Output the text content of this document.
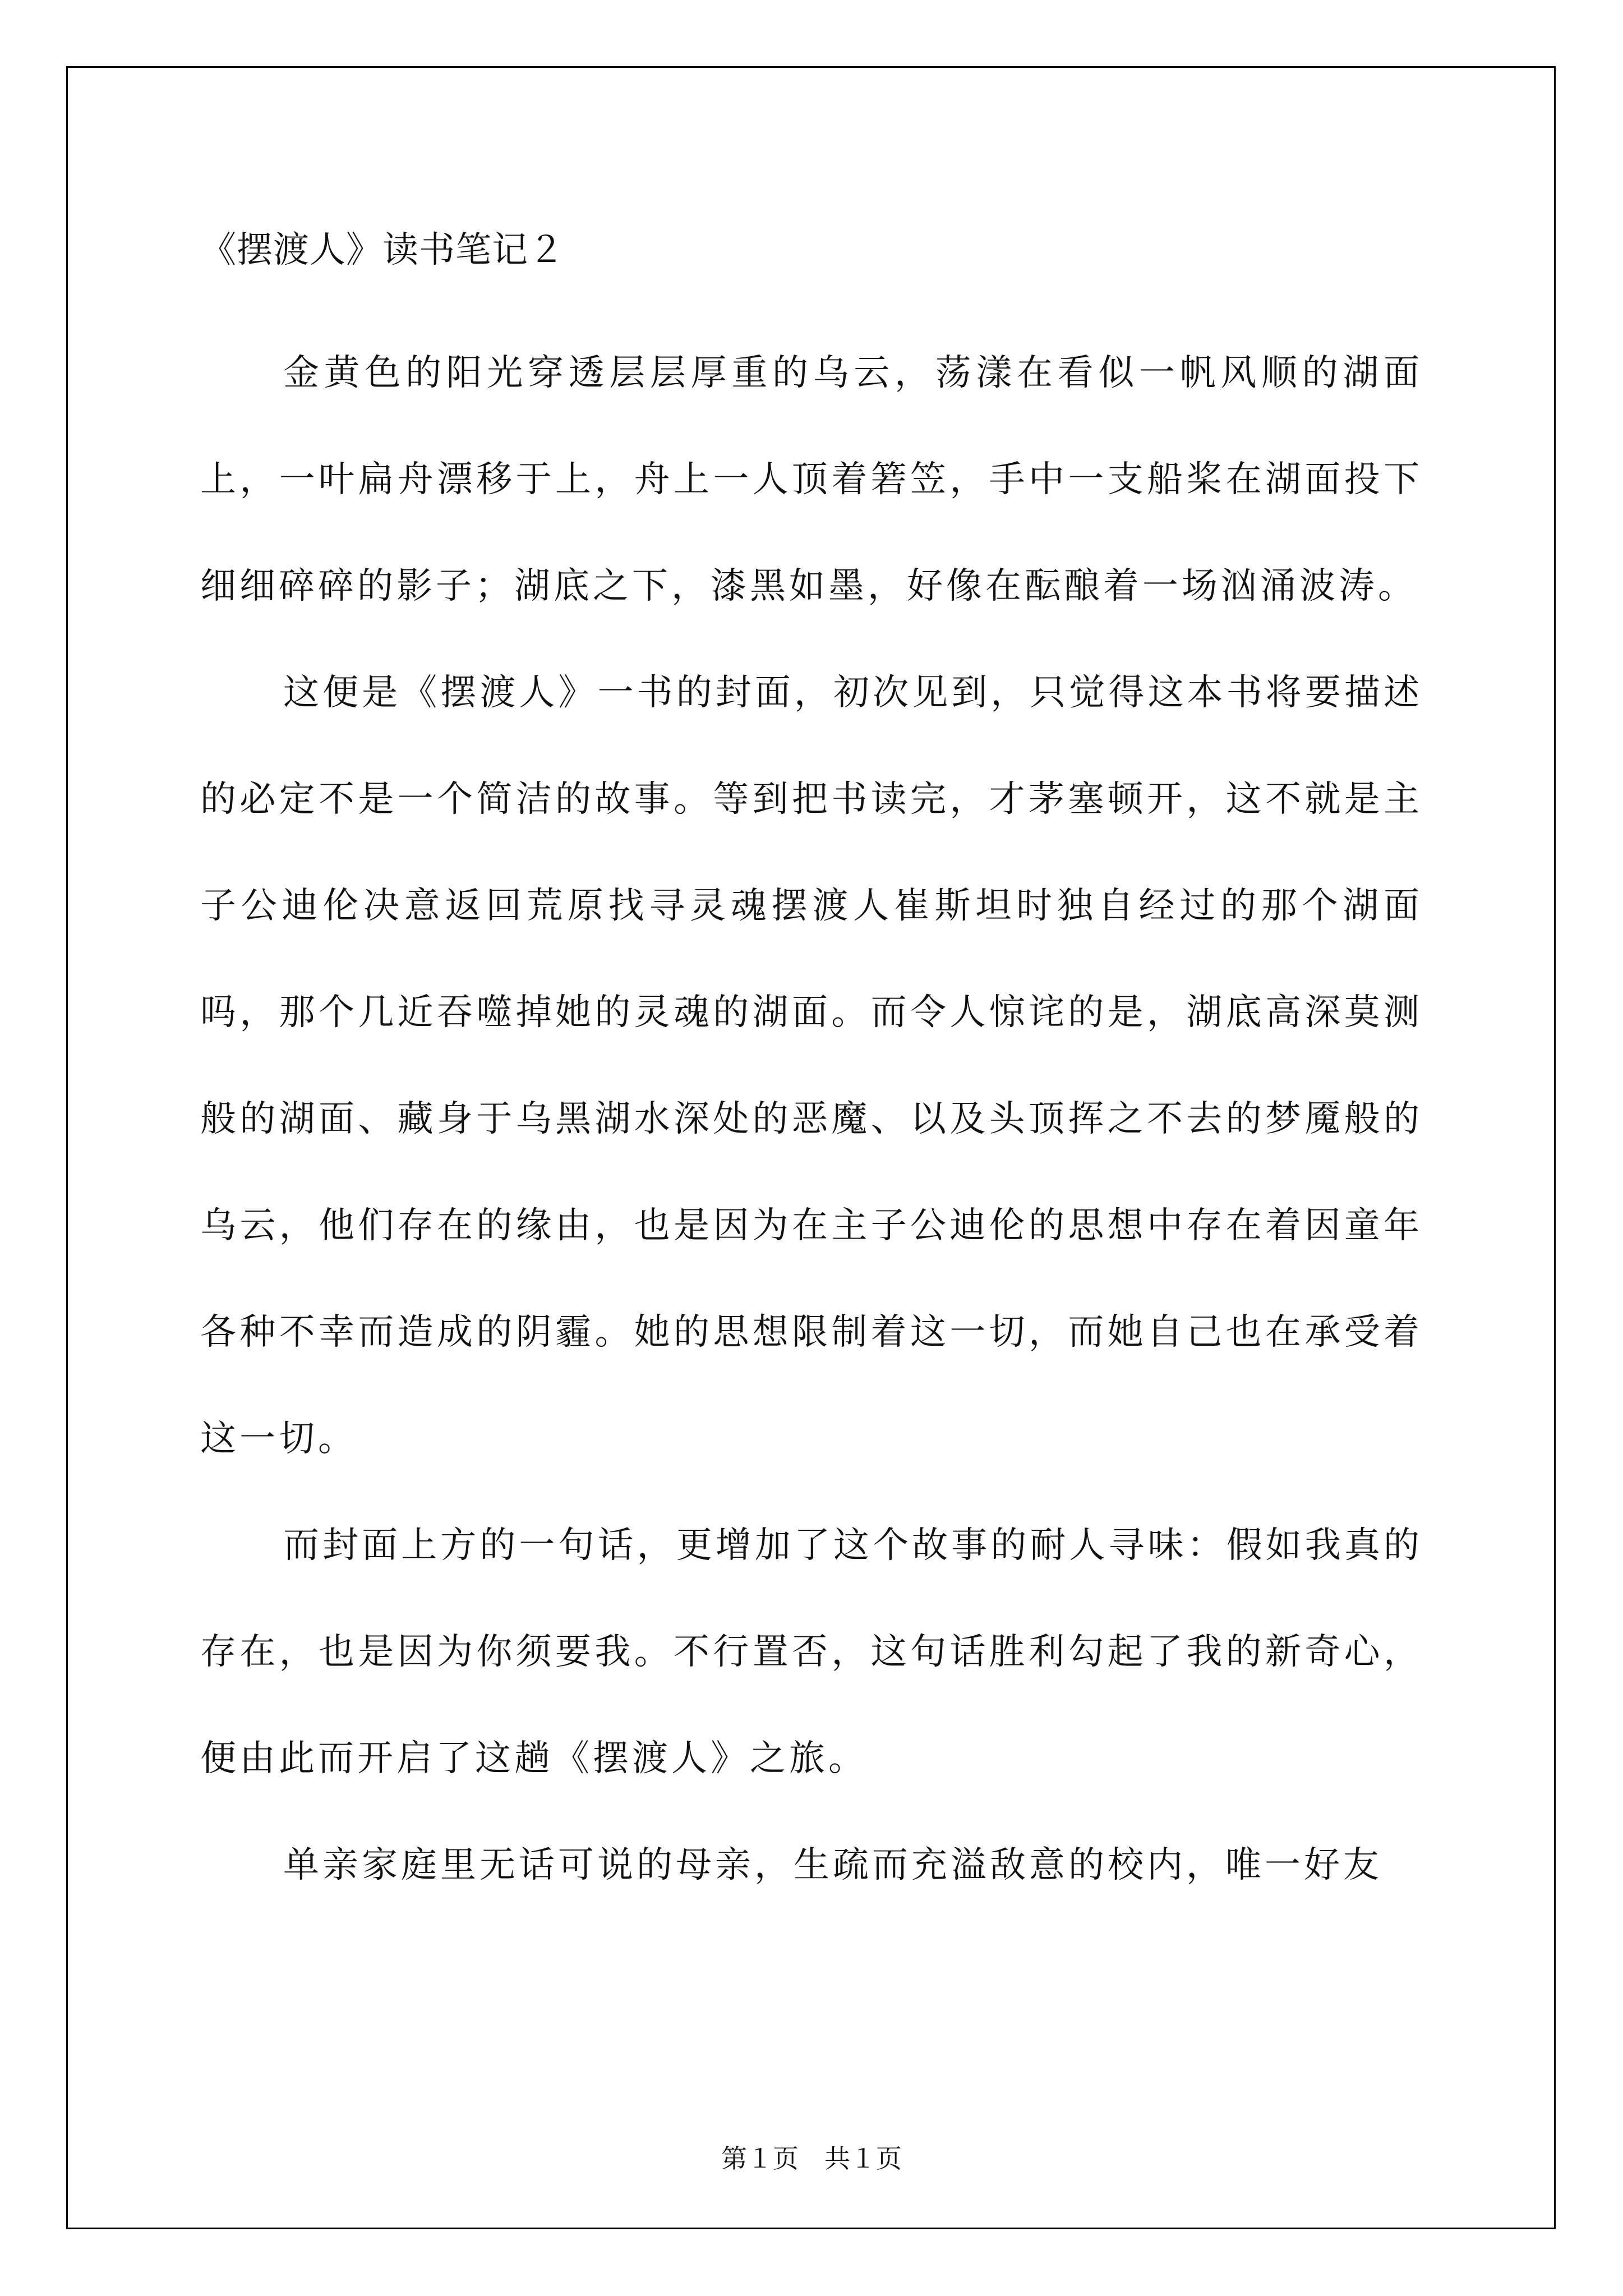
《摆渡人》读书笔记２

金黄色的阳光穿透层层厚重的乌云，荡漾在看似一帆风顺的湖面上，一叶扁舟漂移于上，舟上一人顶着箬笠，手中一支船桨在湖面投下细细碎碎的影子；湖底之下，漆黑如墨，好像在酝酿着一场汹涌波涛。

这便是《摆渡人》一书的封面，初次见到，只觉得这本书将要描述的必定不是一个简洁的故事。等到把书读完，才茅塞顿开，这不就是主子公迪伦决意返回荒原找寻灵魂摆渡人崔斯坦时独自经过的那个湖面吗，那个几近吞噬掉她的灵魂的湖面。而令人惊诧的是，湖底高深莫测般的湖面、藏身于乌黑湖水深处的恶魔、以及头顶挥之不去的梦魇般的乌云，他们存在的缘由，也是因为在主子公迪伦的思想中存在着因童年各种不幸而造成的阴霾。她的思想限制着这一切，而她自己也在承受着这一切。

而封面上方的一句话，更增加了这个故事的耐人寻味：假如我真的存在，也是因为你须要我。不行置否，这句话胜利勾起了我的新奇心，便由此而开启了这趟《摆渡人》之旅。

单亲家庭里无话可说的母亲，生疏而充溢敌意的校内，唯一好友

第１页　共１页
